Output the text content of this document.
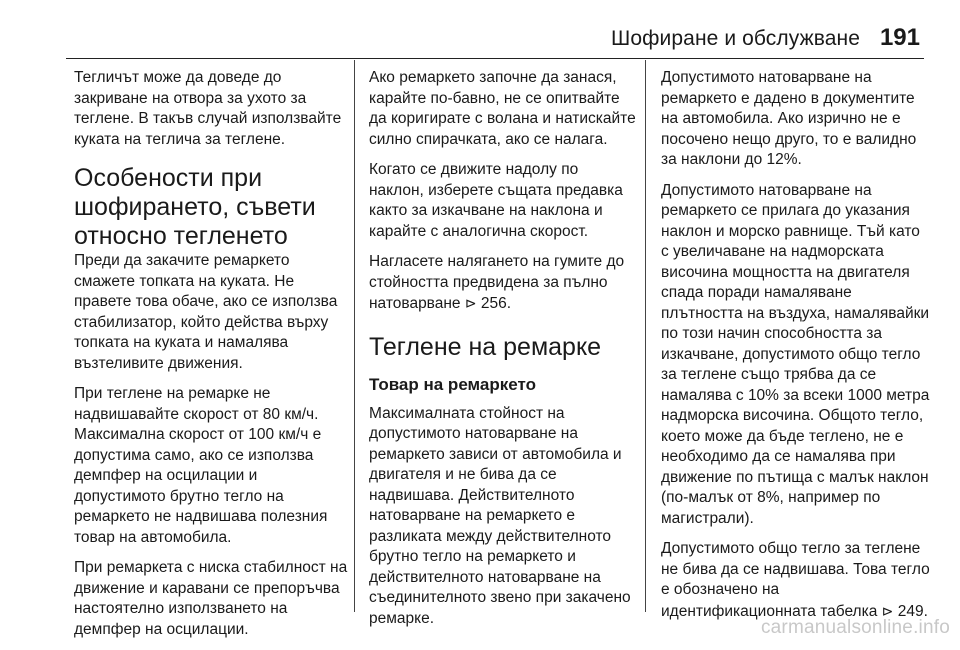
Шофиране и обслужване 191

Тегличът може да доведе до закриване на отвора за ухото за теглене. В такъв случай използвайте куката на теглича за теглене.

Особености при шофирането, съвети относно тегленето

Преди да закачите ремаркето смажете топката на куката. Не правете това обаче, ако се използва стабилизатор, който действа върху топката на куката и намалява възтеливите движения.

При теглене на ремарке не надвишавайте скорост от 80 км/ч. Максимална скорост от 100 км/ч е допустима само, ако се използва демпфер на осцилации и допустимото брутно тегло на ремаркето не надвишава полезния товар на автомобила.

При ремаркета с ниска стабилност на движение и каравани се препоръчва настоятелно използването на демпфер на осцилации.

Ако ремаркето започне да занася, карайте по-бавно, не се опитвайте да коригирате с волана и натискайте силно спирачката, ако се налага.

Когато се движите надолу по наклон, изберете същата предавка както за изкачване на наклона и карайте с аналогична скорост.

Нагласете налягането на гумите до стойността предвидена за пълно натоварване ⊳ 256.

Теглене на ремарке
Товар на ремаркето

Максималната стойност на допустимото натоварване на ремаркето зависи от автомобила и двигателя и не бива да се надвишава. Действителното натоварване на ремаркето е разликата между действителното брутно тегло на ремаркето и действителното натоварване на съединителното звено при закачено ремарке.

Допустимото натоварване на ремаркето е дадено в документите на автомобила. Ако изрично не е посочено нещо друго, то е валидно за наклони до 12%.

Допустимото натоварване на ремаркето се прилага до указания наклон и морско равнище. Тъй като с увеличаване на надморската височина мощността на двигателя спада поради намаляване плътността на въздуха, намалявайки по този начин способността за изкачване, допустимото общо тегло за теглене също трябва да се намалява с 10% за всеки 1000 метра надморска височина. Общото тегло, което може да бъде теглено, не е необходимо да се намалява при движение по пътища с малък наклон (по-малък от 8%, например по магистрали).

Допустимото общо тегло за теглене не бива да се надвишава. Това тегло е обозначено на идентификационната табелка ⊳ 249.

carmanualsonline.info
